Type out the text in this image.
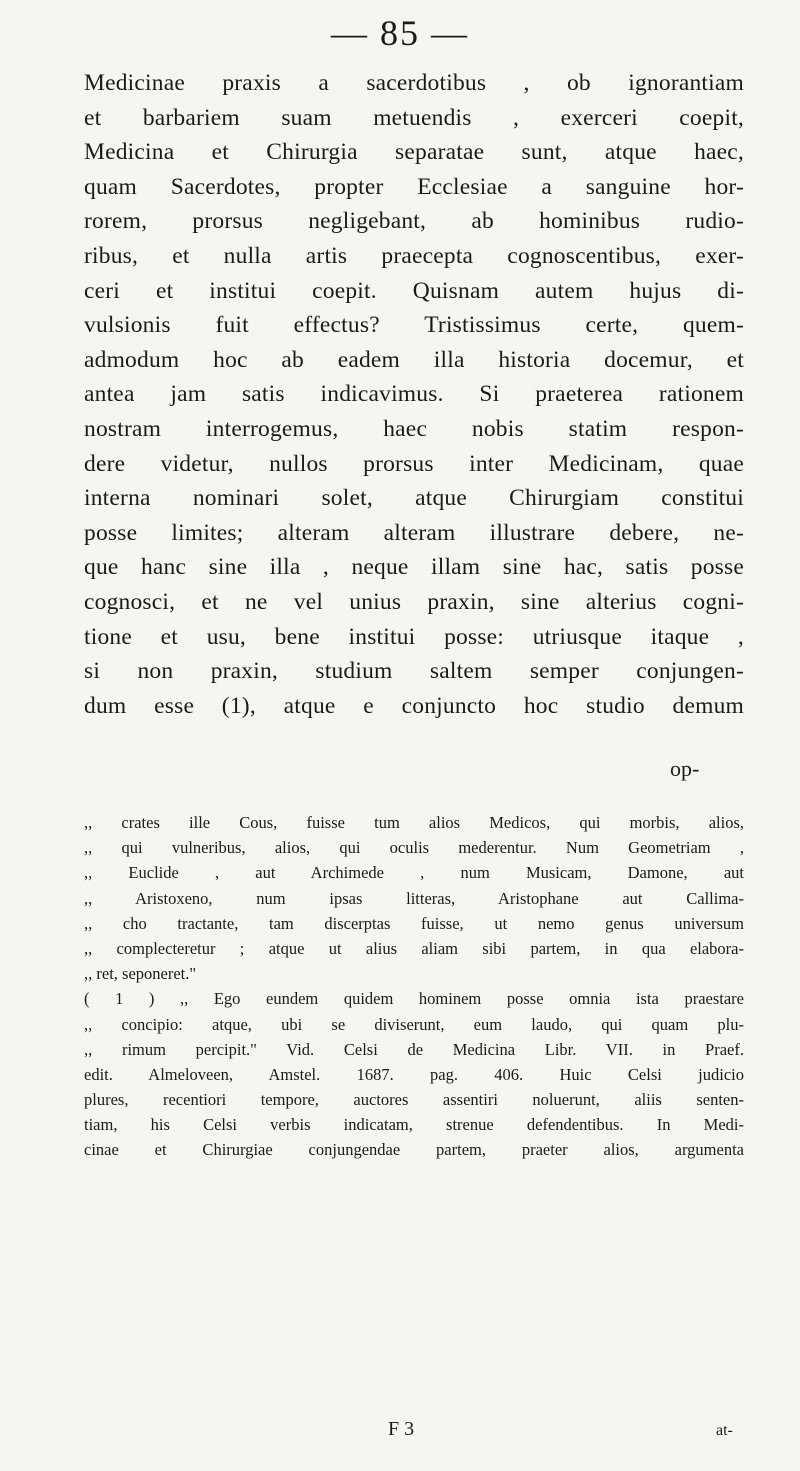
— 85 —
Medicinae praxis a sacerdotibus , ob ignorantiam
et barbariem suam metuendis , exerceri coepit,
Medicina et Chirurgia separatae sunt, atque haec,
quam Sacerdotes, propter Ecclesiae a sanguine hor-
rorem, prorsus negligebant, ab hominibus rudio-
ribus, et nulla artis praecepta cognoscentibus, exer-
ceri et institui coepit. Quisnam autem hujus di-
vulsionis fuit effectus? Tristissimus certe, quem-
admodum hoc ab eadem illa historia docemur, et
antea jam satis indicavimus. Si praeterea rationem
nostram interrogemus, haec nobis statim respon-
dere videtur, nullos prorsus inter Medicinam, quae
interna nominari solet, atque Chirurgiam constitui
posse limites; alteram alteram illustrare debere, ne-
que hanc sine illa , neque illam sine hac, satis posse
cognosci, et ne vel unius praxin, sine alterius cogni-
tione et usu, bene institui posse: utriusque itaque ,
si non praxin, studium saltem semper conjungen-
dum esse (1), atque e conjuncto hoc studio demum
op-
,, crates ille Cous, fuisse tum alios Medicos, qui morbis, alios,
,, qui vulneribus, alios, qui oculis mederentur. Num Geometriam ,
,, Euclide , aut Archimede , num Musicam, Damone, aut
,, Aristoxeno, num ipsas litteras, Aristophane aut Callima-
,, cho tractante, tam discerptas fuisse, ut nemo genus universum
,, complecteretur ; atque ut alius aliam sibi partem, in qua elabora-
,, ret, seponeret."
( 1 ) ,, Ego eundem quidem hominem posse omnia ista praestare
,, concipio: atque, ubi se diviserunt, eum laudo, qui quam plu-
,, rimum percipit." Vid. Celsi de Medicina Libr. VII. in Praef.
edit. Almeloveen, Amstel. 1687. pag. 406. Huic Celsi judicio
plures, recentiori tempore, auctores assentiri noluerunt, aliis senten-
tiam, his Celsi verbis indicatam, strenue defendentibus. In Medi-
cinae et Chirurgiae conjungendae partem, praeter alios, argumenta
F 3	at-
